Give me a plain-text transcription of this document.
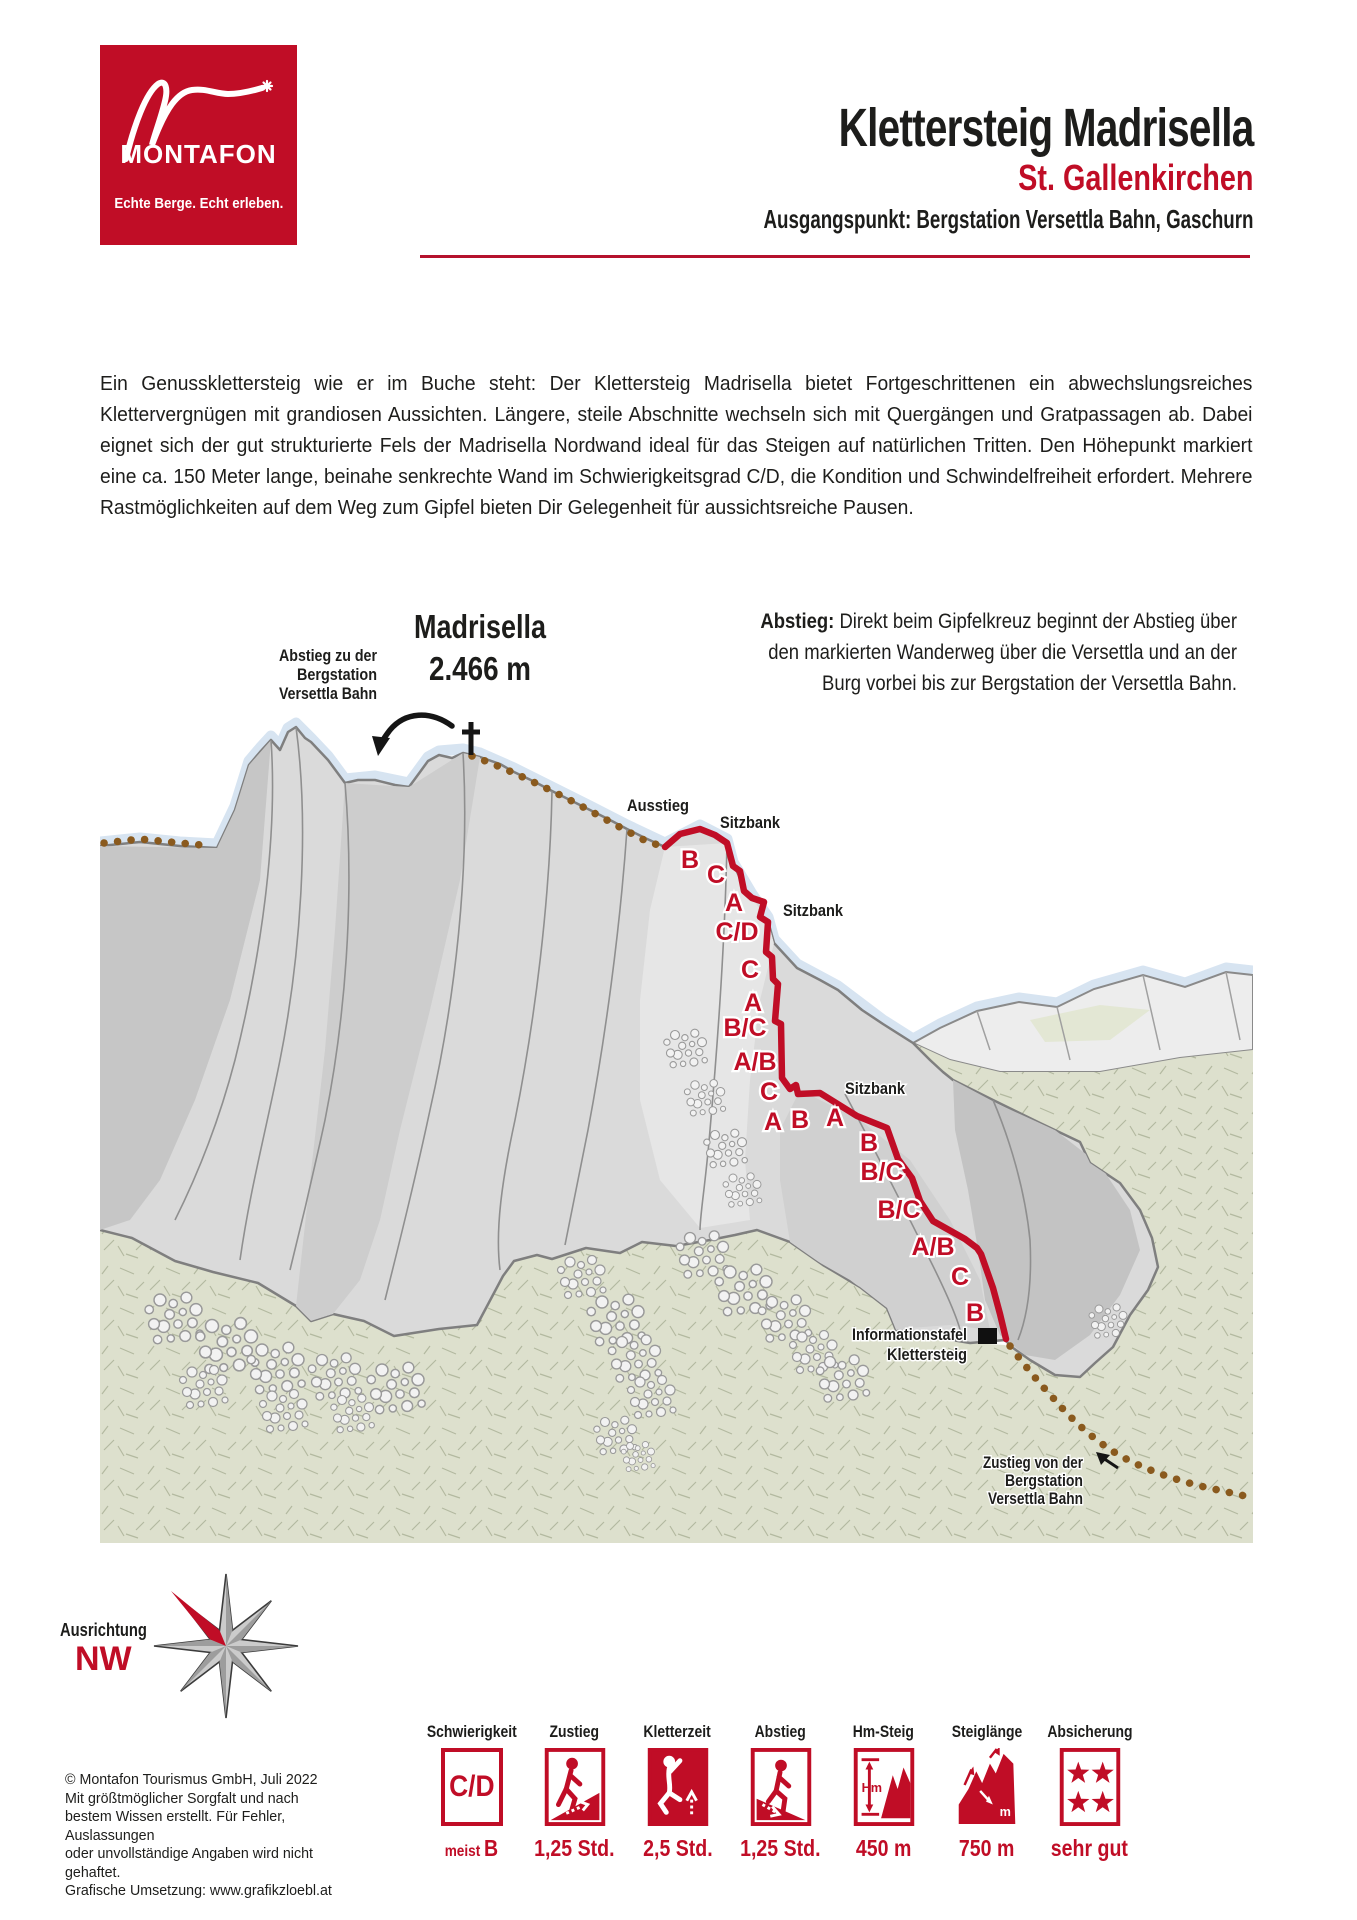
MONTAFON
Echte Berge. Echt erleben.
Klettersteig Madrisella
St. Gallenkirchen
Ausgangspunkt: Bergstation Versettla Bahn, Gaschurn
Ein Genussklettersteig wie er im Buche steht: Der Klettersteig Madrisella bietet Fortgeschrittenen ein abwechslungsreiches Klettervergnügen mit grandiosen Aussichten. Längere, steile Abschnitte wechseln sich mit Quergängen und Gratpassagen ab. Dabei eignet sich der gut strukturierte Fels der Madrisella Nordwand ideal für das Steigen auf natürlichen Tritten. Den Höhepunkt markiert eine ca. 150 Meter lange, beinahe senkrechte Wand im Schwierigkeitsgrad C/D, die Kondition und Schwindelfreiheit erfordert. Mehrere Rastmöglichkeiten auf dem Weg zum Gipfel bieten Dir Gelegenheit für aussichtsreiche Pausen.
Abstieg: Direkt beim Gipfelkreuz beginnt der Abstieg über den markierten Wanderweg über die Versettla und an der Burg vorbei bis zur Bergstation der Versettla Bahn.
Madrisella
2.466 m
Abstieg zu der
Bergstation
Versettla Bahn
Ausstieg
Sitzbank
Sitzbank
Sitzbank
Informationstafel
Klettersteig
Zustieg von der
Bergstation
Versettla Bahn
B
C
A
C/D
C
A
B/C
A/B
C
A B A
B
B/C
B/C
A/B
C
B
Ausrichtung
NW
© Montafon Tourismus GmbH, Juli 2022
Mit größtmöglicher Sorgfalt und nach
bestem Wissen erstellt. Für Fehler, Auslassungen
oder unvollständige Angaben wird nicht gehaftet.
Grafische Umsetzung: www.grafikzloebl.at
Schwierigkeit
C/D
meist B
Zustieg
1,25 Std.
Kletterzeit
2,5 Std.
Abstieg
1,25 Std.
Hm-Steig
Hm
450 m
Steiglänge
m
750 m
Absicherung
sehr gut
